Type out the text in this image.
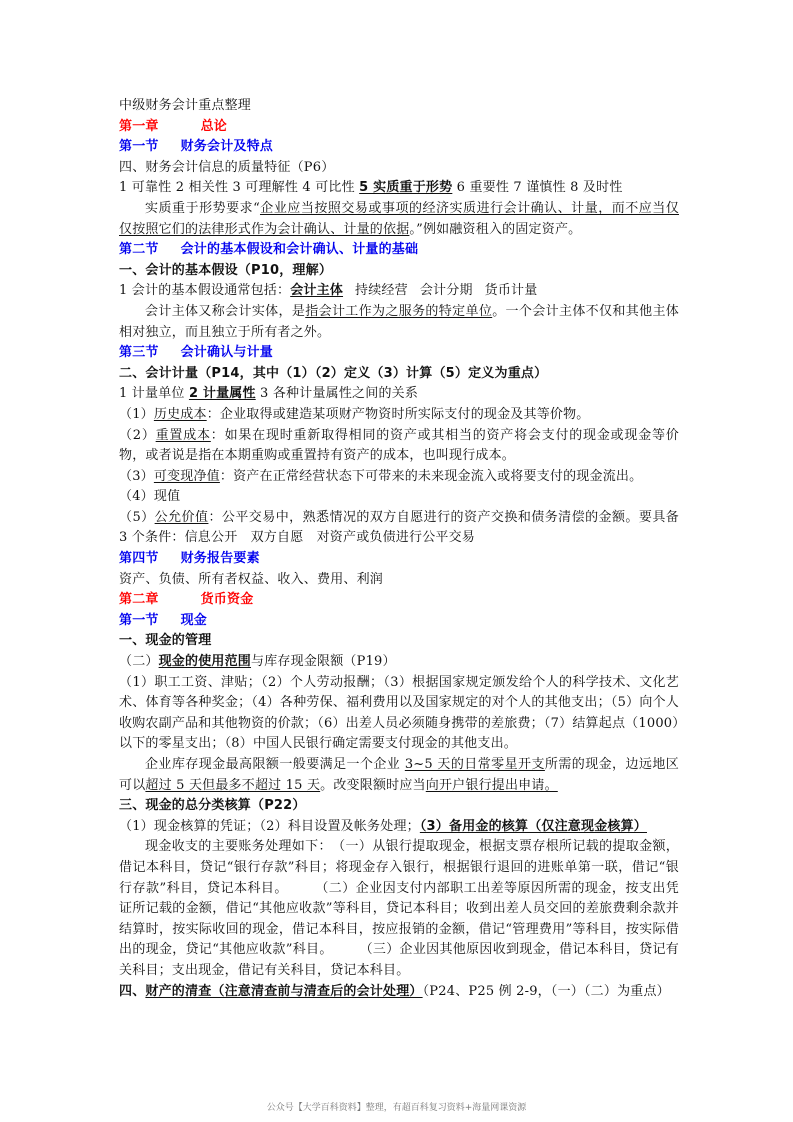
中级财务会计重点整理
第一章	总论
第一节 财务会计及特点
四、财务会计信息的质量特征（P6）
1 可靠性 2 相关性 3 可理解性 4 可比性 5 实质重于形势 6 重要性 7 谨慎性 8 及时性
实质重于形势要求“企业应当按照交易或事项的经济实质进行会计确认、计量，而不应当仅仅按照它们的法律形式作为会计确认、计量的依据。”例如融资租入的固定资产。
第二节 会计的基本假设和会计确认、计量的基础
一、会计的基本假设（P10，理解）
1 会计的基本假设通常包括：会计主体 持续经营 会计分期 货币计量
会计主体又称会计实体，是指会计工作为之服务的特定单位。一个会计主体不仅和其他主体相对独立，而且独立于所有者之外。
第三节 会计确认与计量
二、会计计量（P14，其中（1）（2）定义（3）计算（5）定义为重点）
1 计量单位 2 计量属性 3 各种计量属性之间的关系
（1）历史成本：企业取得或建造某项财产物资时所实际支付的现金及其等价物。
（2）重置成本：如果在现时重新取得相同的资产或其相当的资产将会支付的现金或现金等价物，或者说是指在本期重购或重置持有资产的成本，也叫现行成本。
（3）可变现净值：资产在正常经营状态下可带来的未来现金流入或将要支付的现金流出。
（4）现值
（5）公允价值：公平交易中，熟悉情况的双方自愿进行的资产交换和债务清偿的金额。要具备 3 个条件：信息公开　双方自愿　对资产或负债进行公平交易
第四节 财务报告要素
资产、负债、所有者权益、收入、费用、利润
第二章	货币资金
第一节 现金
一、现金的管理
（二）现金的使用范围与库存现金限额（P19）
（1）职工工资、津贴；（2）个人劳动报酬；（3）根据国家规定颁发给个人的科学技术、文化艺术、体育等各种奖金；（4）各种劳保、福利费用以及国家规定的对个人的其他支出；（5）向个人收购农副产品和其他物资的价款；（6）出差人员必须随身携带的差旅费；（7）结算起点（1000）以下的零星支出；（8）中国人民银行确定需要支付现金的其他支出。
企业库存现金最高限额一般要满足一个企业 3~5 天的日常零星开支所需的现金，边远地区可以超过 5 天但最多不超过 15 天。改变限额时应当向开户银行提出申请。
三、现金的总分类核算（P22）
（1）现金核算的凭证；（2）科目设置及帐务处理；（3）备用金的核算（仅注意现金核算）
现金收支的主要账务处理如下：　（一）从银行提取现金，根据支票存根所记载的提取金额，借记本科目，贷记“银行存款”科目；将现金存入银行，根据银行退回的进账单第一联，借记“银行存款”科目，贷记本科目。　　　（二）企业因支付内部职工出差等原因所需的现金，按支出凭证所记载的金额，借记“其他应收款”等科目，贷记本科目；收到出差人员交回的差旅费剩余款并结算时，按实际收回的现金，借记本科目，按应报销的金额，借记“管理费用”等科目，按实际借出的现金，贷记“其他应收款”科目。　　　（三）企业因其他原因收到现金，借记本科目，贷记有关科目；支出现金，借记有关科目，贷记本科目。
四、财产的清查（注意清查前与清查后的会计处理）（P24、P25 例 2-9，（一）（二）为重点）
公众号【大学百科资料】整理，有超百科复习资料+海量网课资源
